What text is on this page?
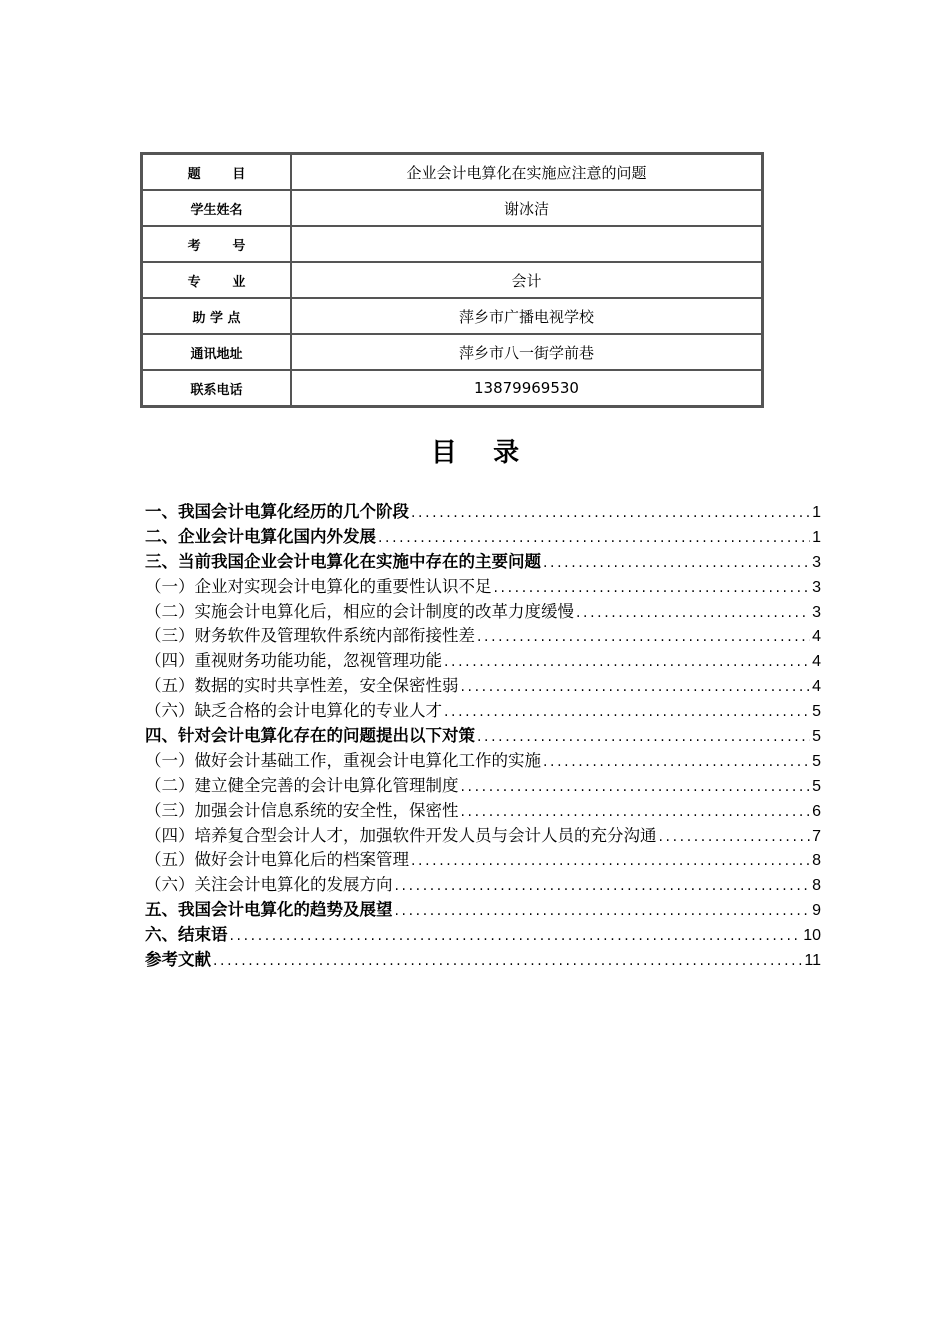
题       目	企业会计电算化在实施应注意的问题
学生姓名	谢冰洁
考       号	
专       业	会计
助 学 点	萍乡市广播电视学校
通讯地址	萍乡市八一街学前巷
联系电话	13879969530
目    录
一、我国会计电算化经历的几个阶段 .....	1
二、企业会计电算化国内外发展 .....	1
三、当前我国企业会计电算化在实施中存在的主要问题 .....	3
（一）企业对实现会计电算化的重要性认识不足 .....	3
（二）实施会计电算化后，相应的会计制度的改革力度缓慢 .....	3
（三）财务软件及管理软件系统内部衔接性差 .....	4
（四）重视财务功能功能，忽视管理功能 .....	4
（五）数据的实时共享性差，安全保密性弱 .....	4
（六）缺乏合格的会计电算化的专业人才 .....	5
四、针对会计电算化存在的问题提出以下对策 .....	5
（一）做好会计基础工作，重视会计电算化工作的实施 .....	5
（二）建立健全完善的会计电算化管理制度 .....	5
（三）加强会计信息系统的安全性，保密性 .....	6
（四）培养复合型会计人才，加强软件开发人员与会计人员的充分沟通 .....	7
（五）做好会计电算化后的档案管理 .....	8
（六）关注会计电算化的发展方向 .....	8
五、我国会计电算化的趋势及展望 .....	9
六、结束语 .....	10
参考文献 .....	11
